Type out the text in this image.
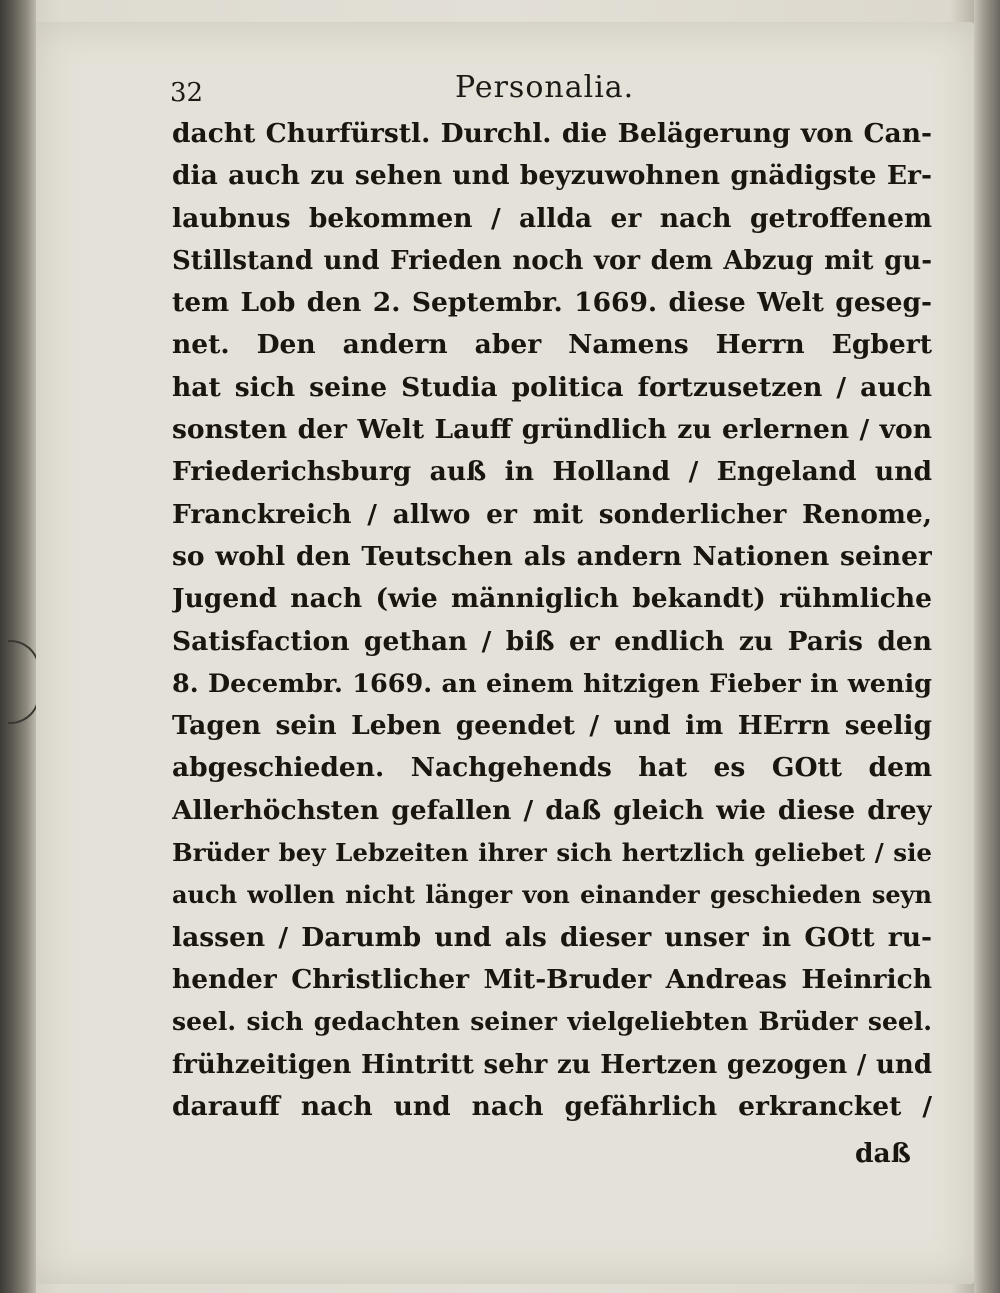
32	Personalia.
dacht Churfürstl. Durchl. die Belägerung von Can-
dia auch zu sehen und beyzuwohnen gnädigste Er-
laubnus bekommen / allda er nach getroffenem
Stillstand und Frieden noch vor dem Abzug mit gu-
tem Lob den 2. Septembr. 1669. diese Welt geseg-
net. Den andern aber Namens Herrn Egbert
hat sich seine Studia politica fortzusetzen / auch
sonsten der Welt Lauff gründlich zu erlernen / von
Friederichsburg auß in Holland / Engeland und
Franckreich / allwo er mit sonderlicher Renome,
so wohl den Teutschen als andern Nationen seiner
Jugend nach (wie männiglich bekandt) rühmliche
Satisfaction gethan / biß er endlich zu Paris den
8. Decembr. 1669. an einem hitzigen Fieber in wenig
Tagen sein Leben geendet / und im HErrn seelig
abgeschieden. Nachgehends hat es GOtt dem
Allerhöchsten gefallen / daß gleich wie diese drey
Brüder bey Lebzeiten ihrer sich hertzlich geliebet / sie
auch wollen nicht länger von einander geschieden seyn
lassen / Darumb und als dieser unser in GOtt ru-
hender Christlicher Mit-Bruder Andreas Heinrich
seel. sich gedachten seiner vielgeliebten Brüder seel.
frühzeitigen Hintritt sehr zu Hertzen gezogen / und
darauff nach und nach gefährlich erkrancket /
daß
